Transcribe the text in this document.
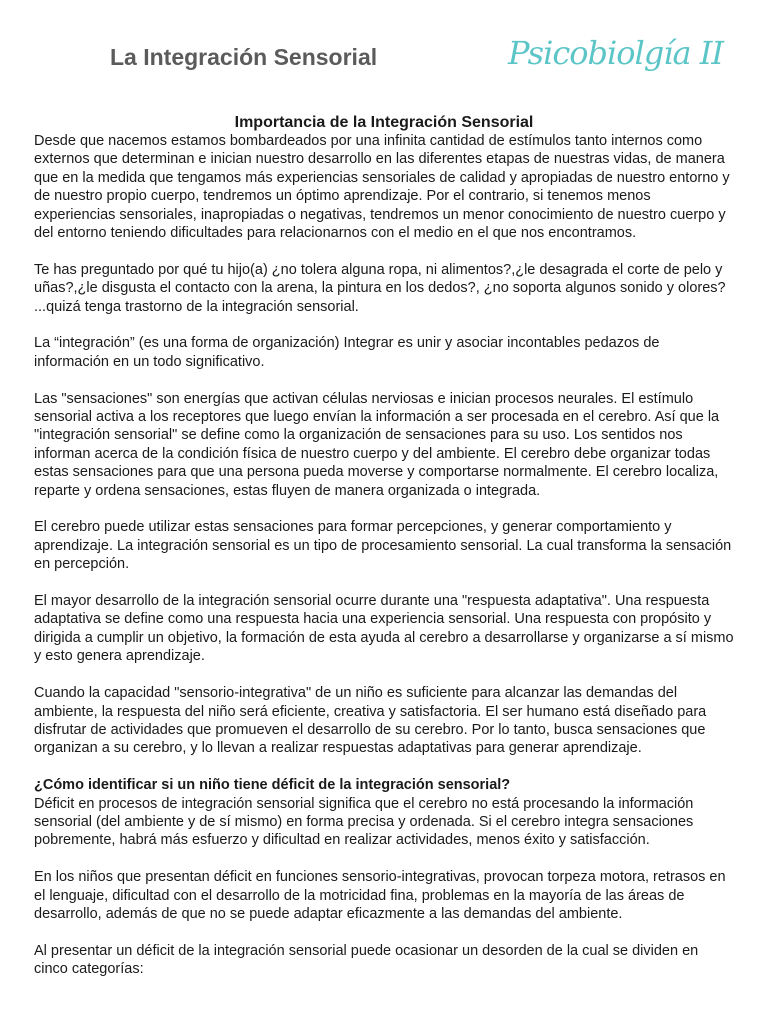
La Integración Sensorial	Psicobiolgía II
Importancia de la Integración Sensorial

Desde que nacemos estamos bombardeados por una infinita cantidad de estímulos tanto internos como externos que determinan e inician nuestro desarrollo en las diferentes etapas de nuestras vidas, de manera que en la medida que tengamos más experiencias sensoriales de calidad y apropiadas de nuestro entorno y de nuestro propio cuerpo, tendremos un óptimo aprendizaje. Por el contrario, si tenemos menos experiencias sensoriales, inapropiadas o negativas, tendremos un menor conocimiento de nuestro cuerpo y del entorno teniendo dificultades para relacionarnos con el medio en el que nos encontramos.

Te has preguntado por qué tu hijo(a) ¿no tolera alguna ropa, ni alimentos?,¿le desagrada el corte de pelo y uñas?,¿le disgusta el contacto con la arena, la pintura en los dedos?, ¿no soporta algunos sonido y olores? ...quizá tenga trastorno de la integración sensorial.

La “integración” (es una forma de organización) Integrar es unir y asociar incontables pedazos de información en un todo significativo.

Las "sensaciones" son energías que activan células nerviosas e inician procesos neurales. El estímulo sensorial activa a los receptores que luego envían la información a ser procesada en el cerebro. Así que la "integración sensorial" se define como la organización de sensaciones para su uso. Los sentidos nos informan acerca de la condición física de nuestro cuerpo y del ambiente. El cerebro debe organizar todas estas sensaciones para que una persona pueda moverse y comportarse normalmente. El cerebro localiza, reparte y ordena sensaciones, estas fluyen de manera organizada o integrada.

El cerebro puede utilizar estas sensaciones para formar percepciones, y generar comportamiento y aprendizaje. La integración sensorial es un tipo de procesamiento sensorial. La cual transforma la sensación en percepción.

El mayor desarrollo de la integración sensorial ocurre durante una "respuesta adaptativa". Una respuesta adaptativa se define como una respuesta hacia una experiencia sensorial. Una respuesta con propósito y dirigida a cumplir un objetivo, la formación de esta ayuda al cerebro a desarrollarse y organizarse a sí mismo y esto genera aprendizaje.

Cuando la capacidad "sensorio-integrativa" de un niño es suficiente para alcanzar las demandas del ambiente, la respuesta del niño será eficiente, creativa y satisfactoria. El ser humano está diseñado para disfrutar de actividades que promueven el desarrollo de su cerebro. Por lo tanto, busca sensaciones que organizan a su cerebro, y lo llevan a realizar respuestas adaptativas para generar aprendizaje.

¿Cómo identificar si un niño tiene déficit de la integración sensorial?

Déficit en procesos de integración sensorial significa que el cerebro no está procesando la información sensorial (del ambiente y de sí mismo) en forma precisa y ordenada. Si el cerebro integra sensaciones pobremente, habrá más esfuerzo y dificultad en realizar actividades, menos éxito y satisfacción.

En los niños que presentan déficit en funciones sensorio-integrativas, provocan torpeza motora, retrasos en el lenguaje, dificultad con el desarrollo de la motricidad fina, problemas en la mayoría de las áreas de desarrollo, además de que no se puede adaptar eficazmente a las demandas del ambiente.

Al presentar un déficit de la integración sensorial puede ocasionar un desorden de la cual se dividen en cinco categorías:
